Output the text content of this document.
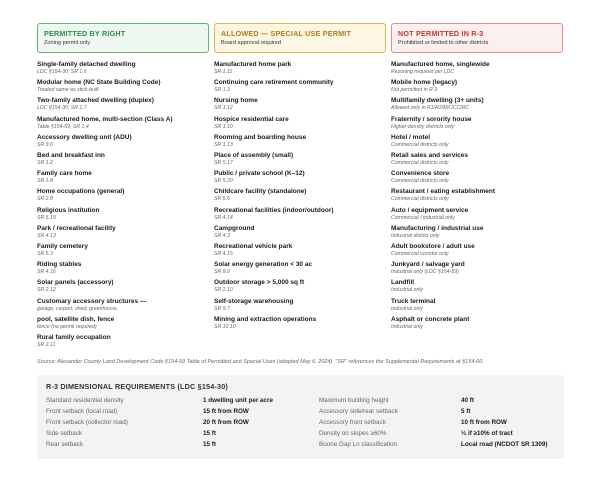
PERMITTED BY RIGHT
Zoning permit only
Single-family detached dwelling
LDC §154-30; SR 1.6
Modular home (NC State Building Code)
Treated same as stick-built
Two-family attached dwelling (duplex)
LDC §154-30; SR 1.7
Manufactured home, multi-section (Class A)
Table §154-59; SR 1.4
Accessory dwelling unit (ADU)
SR 3.6
Bed and breakfast inn
SR 1.2
Family care home
SR 1.8
Home occupations (general)
SR 2.8
Religious institution
SR 5.19
Park / recreational facility
SR 4.13
Family cemetery
SR 5.3
Riding stables
SR 4.16
Solar panels (accessory)
SR 2.12
Customary accessory structures —
garage, carport, shed, greenhouse,
pool, satellite dish, fence
fence (no permit required)
Rural family occupation
SR 2.11
ALLOWED — SPECIAL USE PERMIT
Board approval required
Manufactured home park
SR 1.11
Continuing care retirement community
SR 1.3
Nursing home
SR 1.12
Hospice residential care
SR 1.10
Rooming and boarding house
SR 1.13
Place of assembly (small)
SR 5.17
Public / private school (K–12)
SR 5.20
Childcare facility (standalone)
SR 5.5
Recreational facilities (indoor/outdoor)
SR 4.14
Campground
SR 4.3
Recreational vehicle park
SR 4.15
Solar energy generation < 30 ac
SR 9.9
Outdoor storage > 5,000 sq ft
SR 2.10
Self-storage warehousing
SR 9.7
Mining and extraction operations
SR 10.10
NOT PERMITTED IN R-3
Prohibited or limited to other districts
Manufactured home, singlewide
Rezoning required per LDC
Mobile home (legacy)
Not permitted in R-3
Multifamily dwelling (3+ units)
Allowed only in R1/R2/M/UCC/RC
Fraternity / sorority house
Higher-density districts only
Hotel / motel
Commercial districts only
Retail sales and services
Commercial districts only
Convenience store
Commercial districts only
Restaurant / eating establishment
Commercial districts only
Auto / equipment service
Commercial / industrial only
Manufacturing / industrial use
Industrial district only
Adult bookstore / adult use
Commercial corridor only
Junkyard / salvage yard
Industrial only (LDC §154-59)
Landfill
Industrial only
Truck terminal
Industrial only
Asphalt or concrete plant
Industrial only
Source: Alexander County Land Development Code §154-59 Table of Permitted and Special Uses (adopted May 6, 2024). "SR" references the Supplemental Requirements at §154-60.
R-3 DIMENSIONAL REQUIREMENTS (LDC §154-30)
Standard residential density	1 dwelling unit per acre
Front setback (local road)	15 ft from ROW
Front setback (collector road)	20 ft from ROW
Side setback	15 ft
Rear setback	15 ft
Maximum building height	40 ft
Accessory side/rear setback	5 ft
Accessory front setback	10 ft from ROW
Density on slopes ≥60%	½ if ≥10% of tract
Boone Gap Ln classification	Local road (NCDOT SR 1309)
